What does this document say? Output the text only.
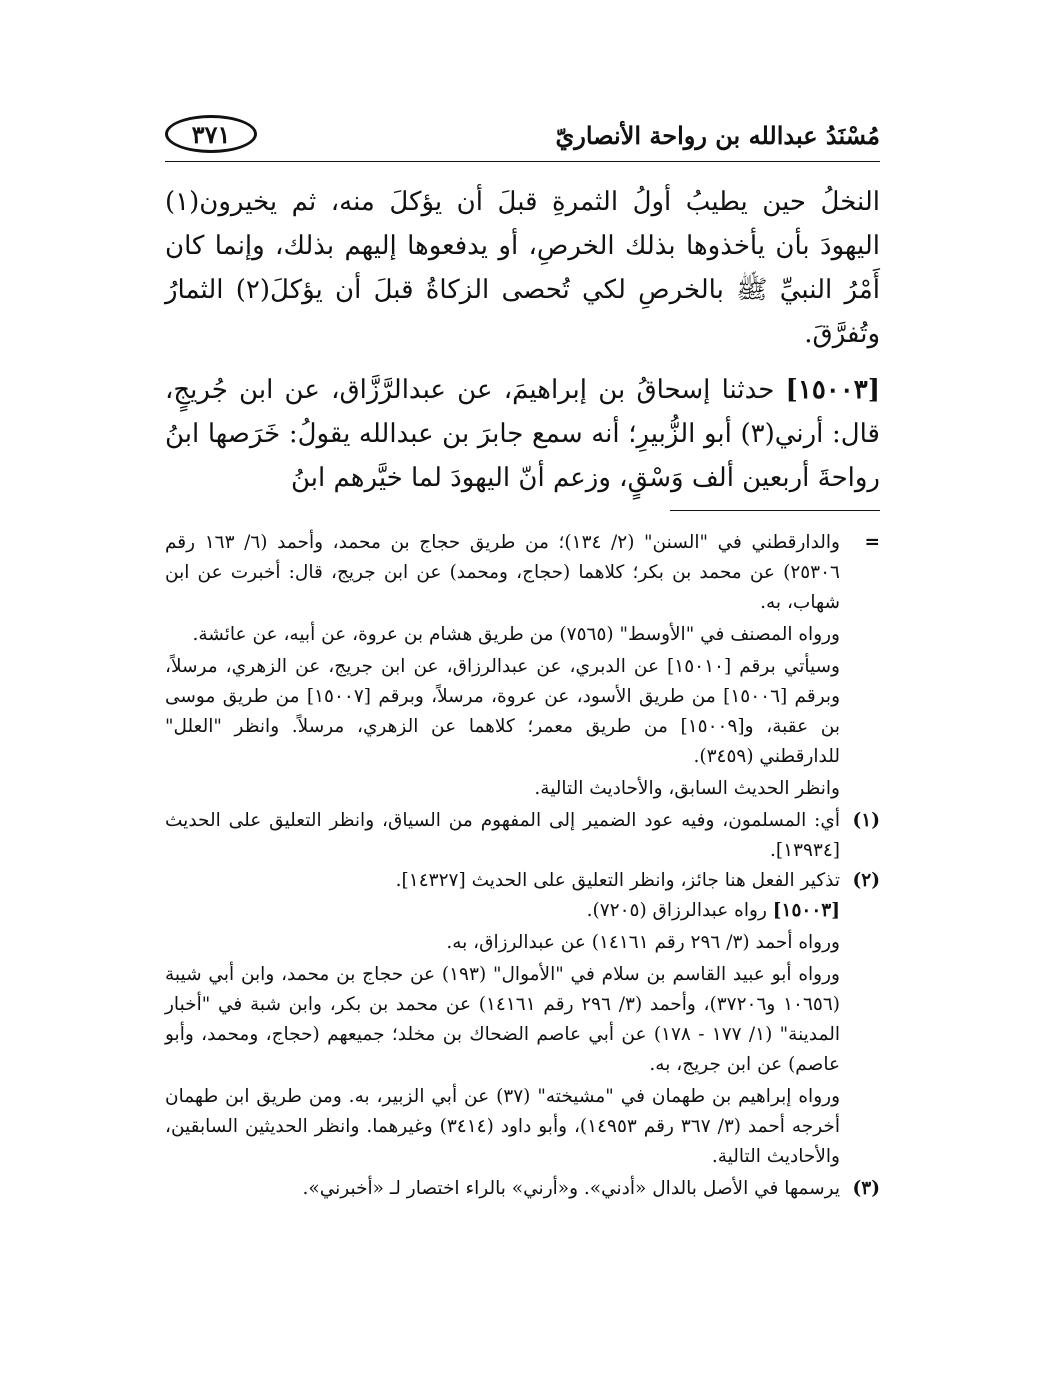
مُسْنَدُ عبدالله بن رواحة الأنصاريّ
٣٧١

النخلُ حين يطيبُ أولُ الثمرةِ قبلَ أن يؤكلَ منه، ثم يخيرون(١) اليهودَ بأن يأخذوها بذلك الخرصِ، أو يدفعوها إليهم بذلك، وإنما كان أَمْرُ النبيِّ ﷺ بالخرصِ لكي تُحصى الزكاةُ قبلَ أن يؤكلَ(٢) الثمارُ وتُفرَّقَ.

[١٥٠٠٣] حدثنا إسحاقُ بن إبراهيمَ، عن عبدالرَّزَّاق، عن ابن جُريجٍ، قال: أرني(٣) أبو الزُّبيرِ؛ أنه سمع جابرَ بن عبدالله يقولُ: خَرَصها ابنُ رواحةَ أربعين ألف وَسْقٍ، وزعم أنّ اليهودَ لما خيَّرهم ابنُ

=
والدارقطني في "السنن" (٢/ ١٣٤)؛ من طريق حجاج بن محمد، وأحمد (٦/ ١٦٣ رقم ٢٥٣٠٦) عن محمد بن بكر؛ كلاهما (حجاج، ومحمد) عن ابن جريج، قال: أخبرت عن ابن شهاب، به.
ورواه المصنف في "الأوسط" (٧٥٦٥) من طريق هشام بن عروة، عن أبيه، عن عائشة.
وسيأتي برقم [١٥٠١٠] عن الدبري، عن عبدالرزاق، عن ابن جريج، عن الزهري، مرسلاً، وبرقم [١٥٠٠٦] من طريق الأسود، عن عروة، مرسلاً، وبرقم [١٥٠٠٧] من طريق موسى بن عقبة، و[١٥٠٠٩] من طريق معمر؛ كلاهما عن الزهري، مرسلاً. وانظر "العلل" للدارقطني (٣٤٥٩).
وانظر الحديث السابق، والأحاديث التالية.
(١)
أي: المسلمون، وفيه عود الضمير إلى المفهوم من السياق، وانظر التعليق على الحديث [١٣٩٣٤].
(٢)
تذكير الفعل هنا جائز، وانظر التعليق على الحديث [١٤٣٢٧].
[١٥٠٠٣] رواه عبدالرزاق (٧٢٠٥).
ورواه أحمد (٣/ ٢٩٦ رقم ١٤١٦١) عن عبدالرزاق، به.
ورواه أبو عبيد القاسم بن سلام في "الأموال" (١٩٣) عن حجاج بن محمد، وابن أبي شيبة (١٠٦٥٦ و٣٧٢٠٦)، وأحمد (٣/ ٢٩٦ رقم ١٤١٦١) عن محمد بن بكر، وابن شبة في "أخبار المدينة" (١/ ١٧٧ - ١٧٨) عن أبي عاصم الضحاك بن مخلد؛ جميعهم (حجاج، ومحمد، وأبو عاصم) عن ابن جريج، به.
ورواه إبراهيم بن طهمان في "مشيخته" (٣٧) عن أبي الزبير، به. ومن طريق ابن طهمان أخرجه أحمد (٣/ ٣٦٧ رقم ١٤٩٥٣)، وأبو داود (٣٤١٤) وغيرهما. وانظر الحديثين السابقين، والأحاديث التالية.
(٣)
يرسمها في الأصل بالدال «أدني». و«أرني» بالراء اختصار لـ «أخبرني».
